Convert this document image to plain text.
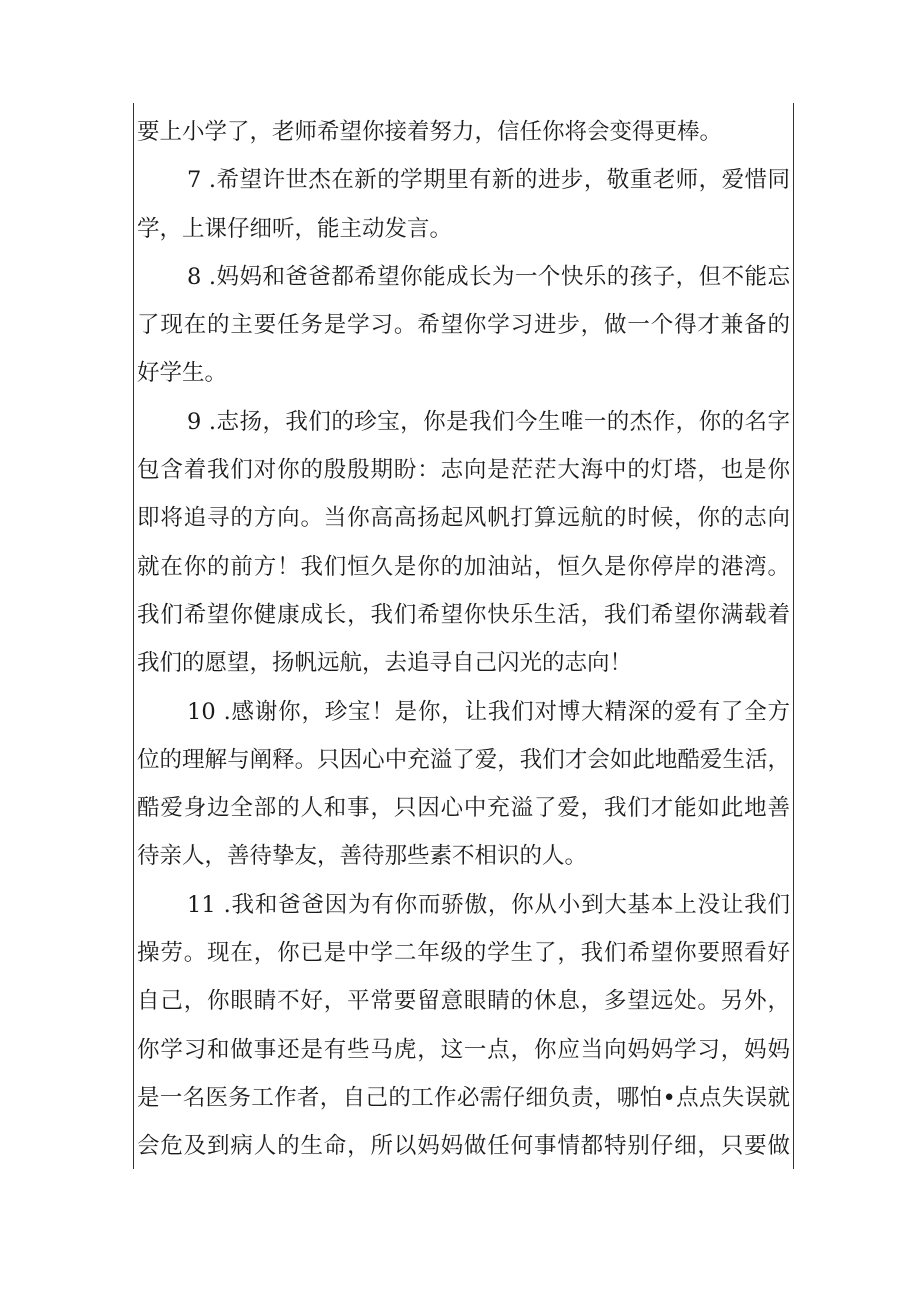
要上小学了，老师希望你接着努力，信任你将会变得更棒。
7 .希望许世杰在新的学期里有新的进步，敬重老师，爱惜同
学，上课仔细听，能主动发言。
8 .妈妈和爸爸都希望你能成长为一个快乐的孩子，但不能忘
了现在的主要任务是学习。希望你学习进步，做一个得才兼备的
好学生。
9 .志扬，我们的珍宝，你是我们今生唯一的杰作，你的名字
包含着我们对你的殷殷期盼：志向是茫茫大海中的灯塔，也是你
即将追寻的方向。当你高高扬起风帆打算远航的时候，你的志向
就在你的前方！我们恒久是你的加油站，恒久是你停岸的港湾。
我们希望你健康成长，我们希望你快乐生活，我们希望你满载着
我们的愿望，扬帆远航，去追寻自己闪光的志向！
10 .感谢你，珍宝！是你，让我们对博大精深的爱有了全方
位的理解与阐释。只因心中充溢了爱，我们才会如此地酷爱生活，
酷爱身边全部的人和事，只因心中充溢了爱，我们才能如此地善
待亲人，善待挚友，善待那些素不相识的人。
11 .我和爸爸因为有你而骄傲，你从小到大基本上没让我们
操劳。现在，你已是中学二年级的学生了，我们希望你要照看好
自己，你眼睛不好，平常要留意眼睛的休息，多望远处。另外，
你学习和做事还是有些马虎，这一点，你应当向妈妈学习，妈妈
是一名医务工作者，自己的工作必需仔细负责，哪怕•点点失误就
会危及到病人的生命，所以妈妈做任何事情都特别仔细，只要做
